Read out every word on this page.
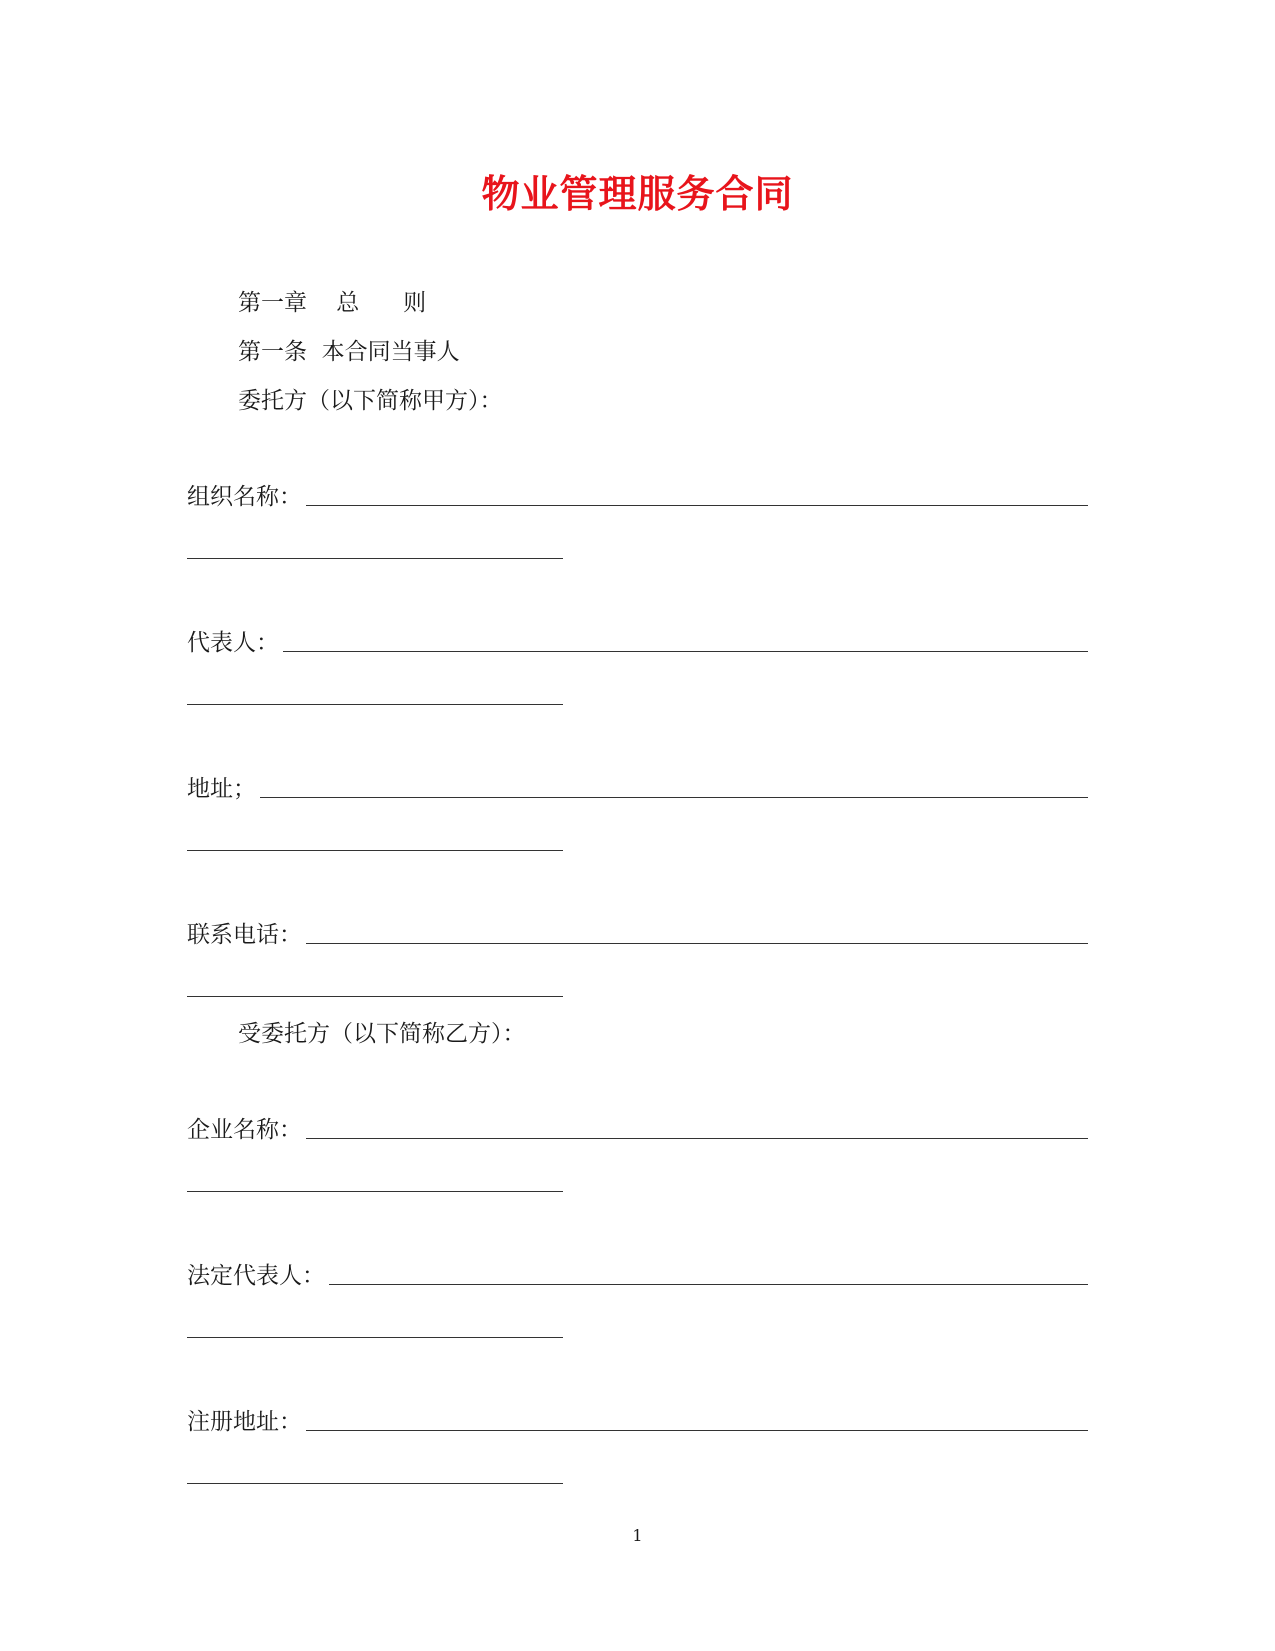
物业管理服务合同
第一章    总      则
第一条  本合同当事人
委托方（以下简称甲方）：
组织名称：
代表人：
地址；
联系电话：
受委托方（以下简称乙方）：
企业名称：
法定代表人：
注册地址：
1
